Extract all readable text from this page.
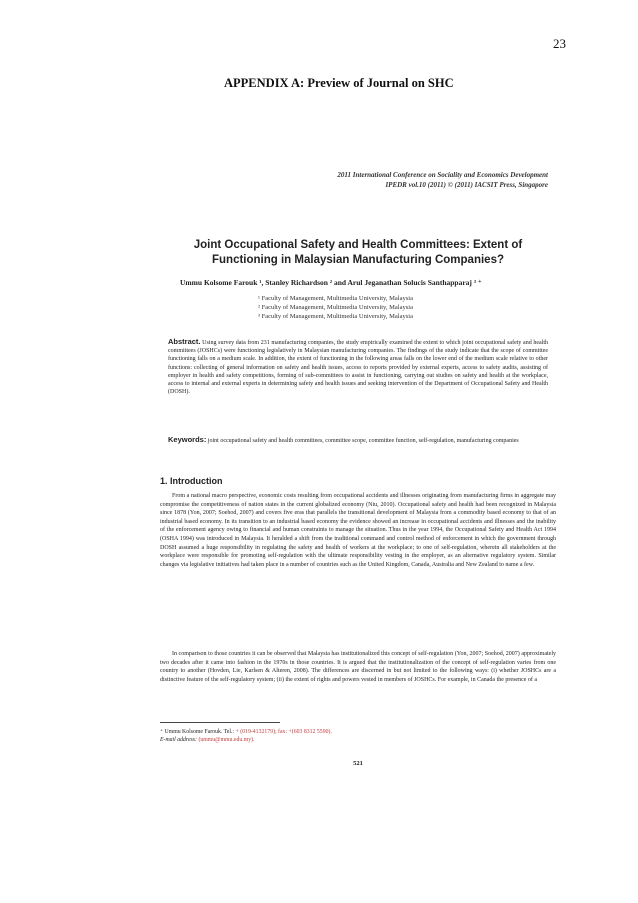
23
APPENDIX A: Preview of Journal on SHC
2011 International Conference on Sociality and Economics Development
IPEDR vol.10 (2011) © (2011) IACSIT Press, Singapore
Joint Occupational Safety and Health Committees: Extent of
Functioning in Malaysian Manufacturing Companies?
Ummu Kolsome Farouk ¹, Stanley Richardson ² and Arul Jeganathan Solucis Santhapparaj ³ ⁺
¹ Faculty of Management, Multimedia University, Malaysia
² Faculty of Management, Multimedia University, Malaysia
³ Faculty of Management, Multimedia University, Malaysia
Abstract. Using survey data from 231 manufacturing companies, the study empirically examined the extent to which joint occupational safety and health committees (JOSHCs) were functioning legislatively in Malaysian manufacturing companies. The findings of the study indicate that the scope of committee functioning falls on a medium scale. In addition, the extent of functioning in the following areas falls on the lower end of the medium scale relative to other functions: collecting of general information on safety and health issues, access to reports provided by external experts, access to safety audits, assisting of employer in health and safety competitions, forming of sub-committees to assist in functioning, carrying out studies on safety and health at the workplace, access to internal and external experts in determining safety and health issues and seeking intervention of the Department of Occupational Safety and Health (DOSH).
Keywords: joint occupational safety and health committees, committee scope, committee function, self-regulation, manufacturing companies
1. Introduction
From a national macro perspective, economic costs resulting from occupational accidents and illnesses originating from manufacturing firms in aggregate may compromise the competitiveness of nation states in the current globalized economy (Niu, 2010). Occupational safety and health had been recognized in Malaysia since 1878 (Yon, 2007; Soehod, 2007) and covers five eras that parallels the transitional development of Malaysia from a commodity based economy to that of an industrial based economy. In its transition to an industrial based economy the evidence showed an increase in occupational accidents and illnesses and the inability of the enforcement agency owing to financial and human constraints to manage the situation. Thus in the year 1994, the Occupational Safety and Health Act 1994 (OSHA 1994) was introduced in Malaysia. It heralded a shift from the traditional command and control method of enforcement in which the government through DOSH assumed a huge responsibility in regulating the safety and health of workers at the workplace; to one of self-regulation, wherein all stakeholders at the workplace were responsible for promoting self-regulation with the ultimate responsibility vesting in the employer, as an alternative regulatory system. Similar changes via legislative initiatives had taken place in a number of countries such as the United Kingdom, Canada, Australia and New Zealand to name a few.
In comparison to those countries it can be observed that Malaysia has institutionalized this concept of self-regulation (Yon, 2007; Soehod, 2007) approximately two decades after it came into fashion in the 1970s in those countries. It is argued that the institutionalization of the concept of self-regulation varies from one country to another (Hovden, Lie, Karlsen & Alteren, 2008). The differences are discerned in but not limited to the following ways: (i) whether JOSHCs are a distinctive feature of the self-regulatory system; (ii) the extent of rights and powers vested in members of JOSHCs. For example, in Canada the presence of a
⁺ Ummu Kolsome Farouk. Tel.: + (019-4132179); fax: +(603 8312 5590).
E-mail address: (ummu@mmu.edu.my).
521
